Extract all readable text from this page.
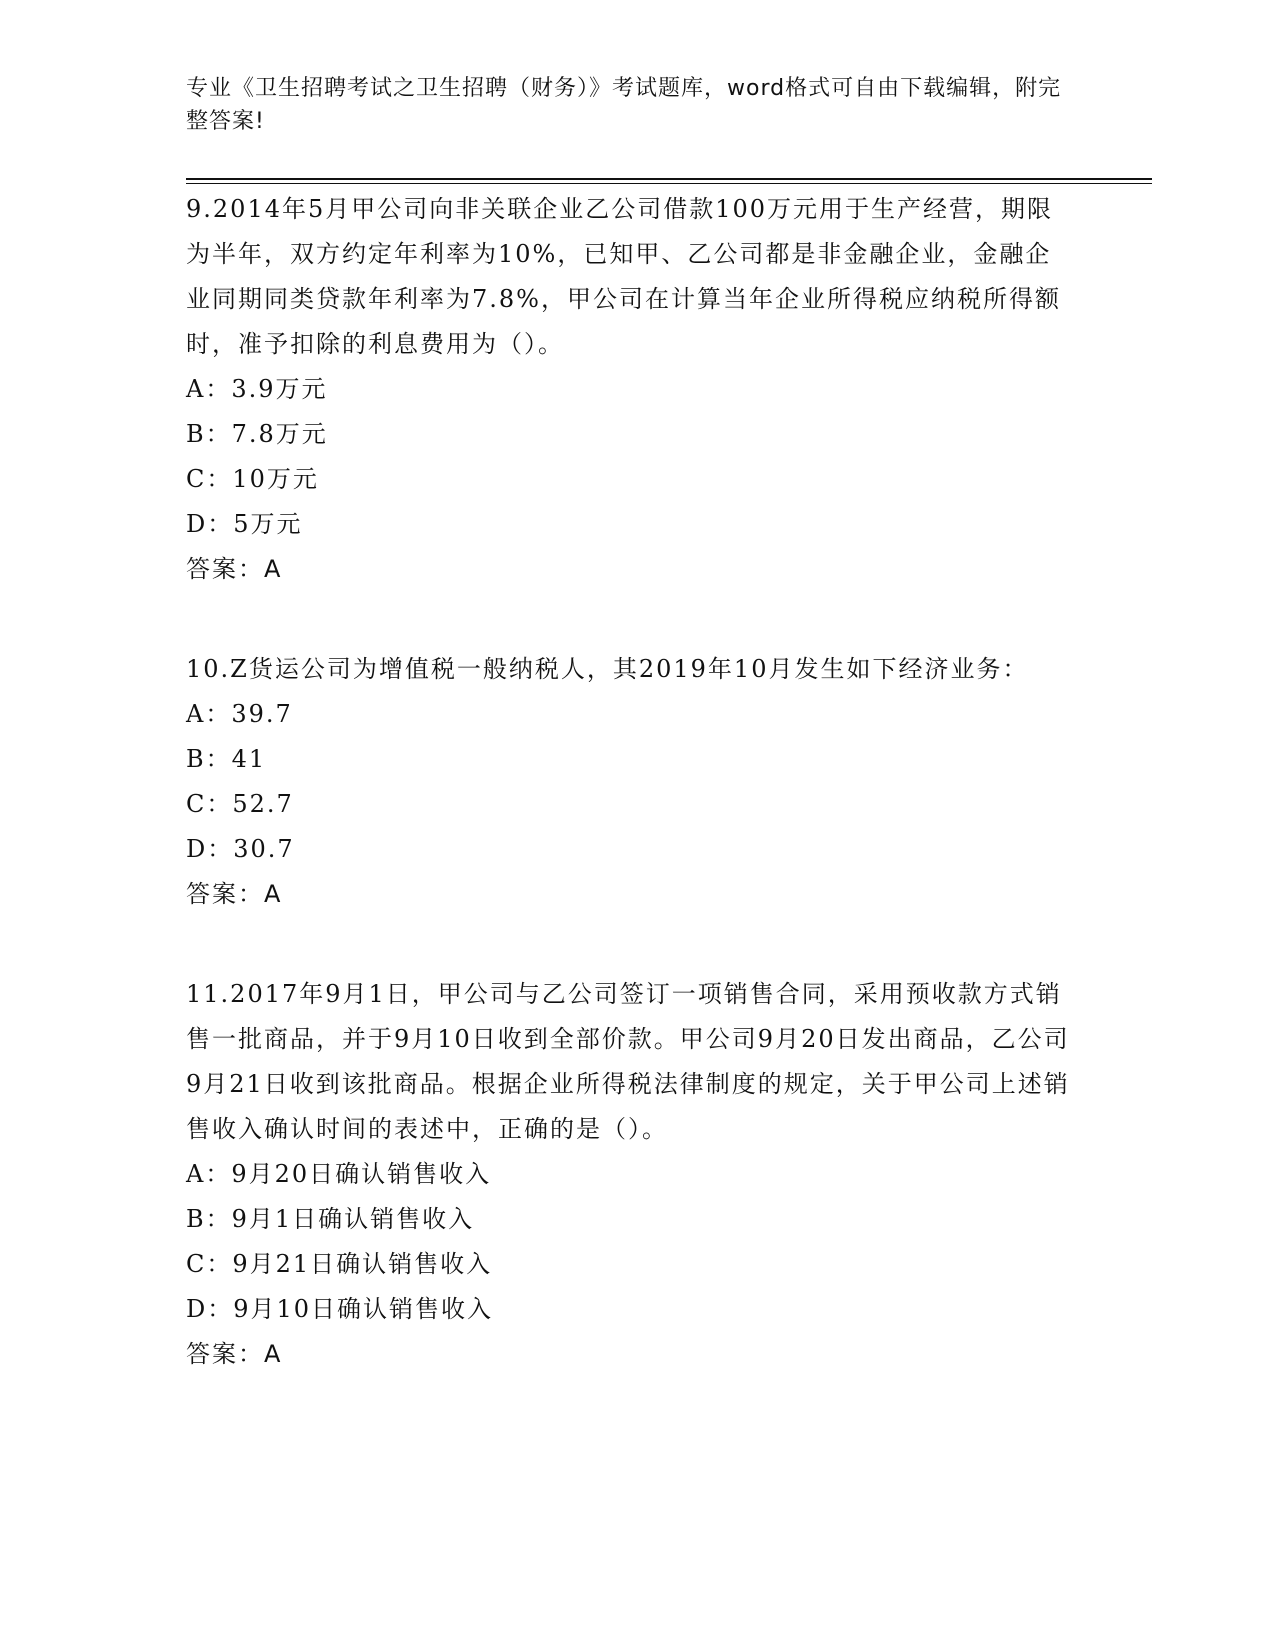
专业《卫生招聘考试之卫生招聘（财务）》考试题库，word格式可自由下载编辑，附完整答案!

9.2014年5月甲公司向非关联企业乙公司借款100万元用于生产经营，期限为半年，双方约定年利率为10%，已知甲、乙公司都是非金融企业，金融企业同期同类贷款年利率为7.8%，甲公司在计算当年企业所得税应纳税所得额时，准予扣除的利息费用为（）。

A：3.9万元

B：7.8万元

C：10万元

D：5万元

答案：A

10.Z货运公司为增值税一般纳税人，其2019年10月发生如下经济业务：

A：39.7

B：41

C：52.7

D：30.7

答案：A

11.2017年9月1日，甲公司与乙公司签订一项销售合同，采用预收款方式销售一批商品，并于9月10日收到全部价款。甲公司9月20日发出商品，乙公司9月21日收到该批商品。根据企业所得税法律制度的规定，关于甲公司上述销售收入确认时间的表述中，正确的是（）。

A：9月20日确认销售收入

B：9月1日确认销售收入

C：9月21日确认销售收入

D：9月10日确认销售收入

答案：A
